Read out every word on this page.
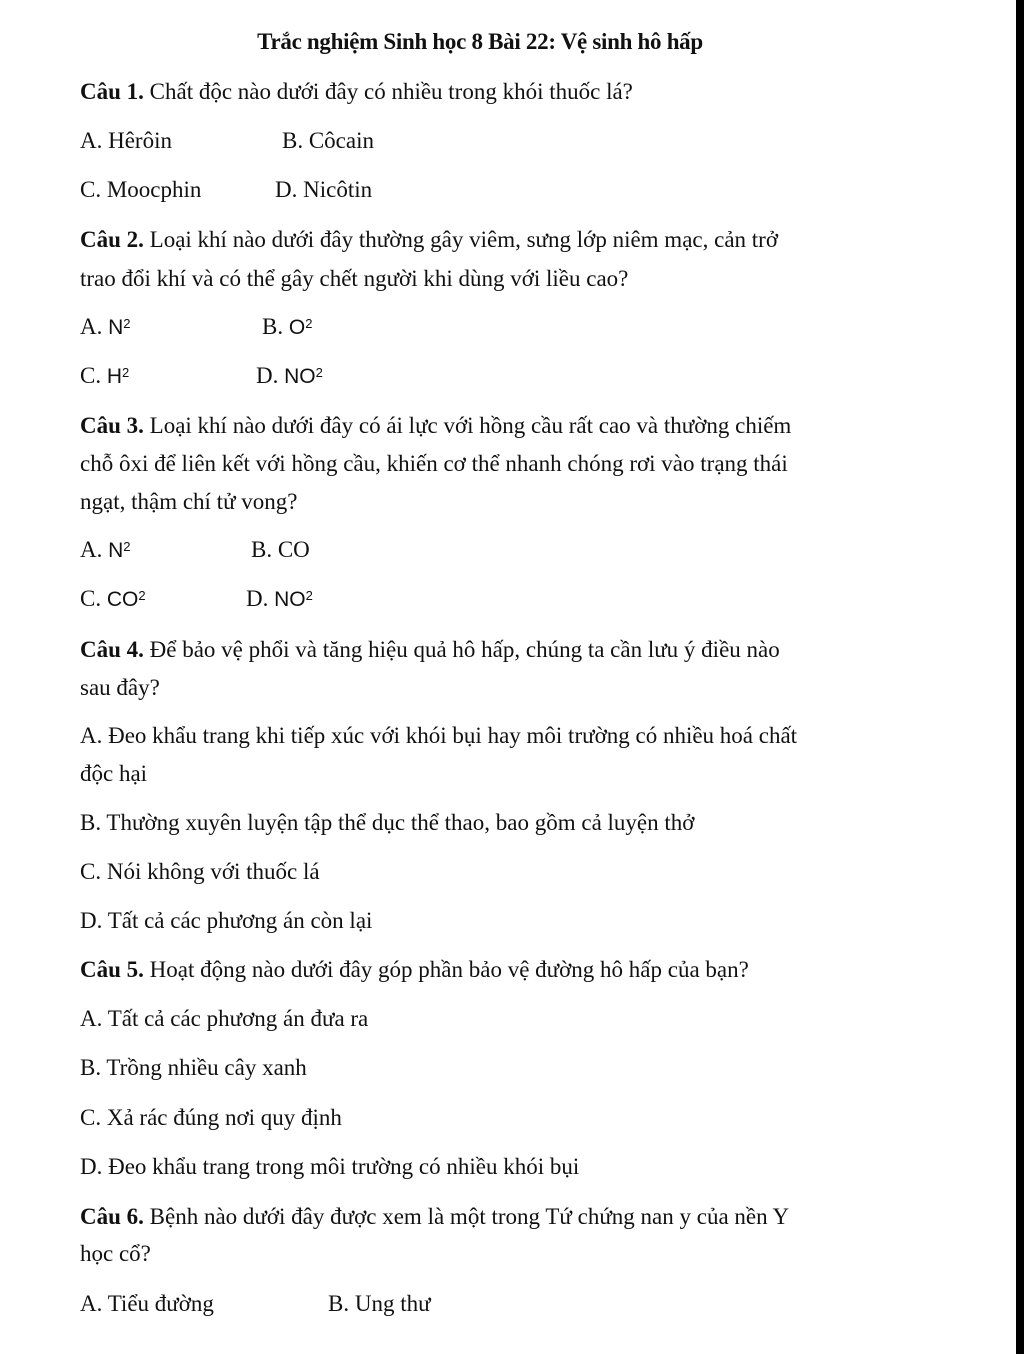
Trắc nghiệm Sinh học 8 Bài 22: Vệ sinh hô hấp
Câu 1. Chất độc nào dưới đây có nhiều trong khói thuốc lá?
A. Hêrôin	B. Côcain
C. Moocphin	D. Nicôtin
Câu 2. Loại khí nào dưới đây thường gây viêm, sưng lớp niêm mạc, cản trở
trao đổi khí và có thể gây chết người khi dùng với liều cao?
A. $N^2$	B. $O^2$
C. $H^2$	D. $NO^2$
Câu 3. Loại khí nào dưới đây có ái lực với hồng cầu rất cao và thường chiếm
chỗ ôxi để liên kết với hồng cầu, khiến cơ thể nhanh chóng rơi vào trạng thái
ngạt, thậm chí tử vong?
A. $N^2$	B. CO
C. $CO^2$	D. $NO^2$
Câu 4. Để bảo vệ phổi và tăng hiệu quả hô hấp, chúng ta cần lưu ý điều nào
sau đây?
A. Đeo khẩu trang khi tiếp xúc với khói bụi hay môi trường có nhiều hoá chất
độc hại
B. Thường xuyên luyện tập thể dục thể thao, bao gồm cả luyện thở
C. Nói không với thuốc lá
D. Tất cả các phương án còn lại
Câu 5. Hoạt động nào dưới đây góp phần bảo vệ đường hô hấp của bạn?
A. Tất cả các phương án đưa ra
B. Trồng nhiều cây xanh
C. Xả rác đúng nơi quy định
D. Đeo khẩu trang trong môi trường có nhiều khói bụi
Câu 6. Bệnh nào dưới đây được xem là một trong Tứ chứng nan y của nền Y
học cổ?
A. Tiểu đường	B. Ung thư
